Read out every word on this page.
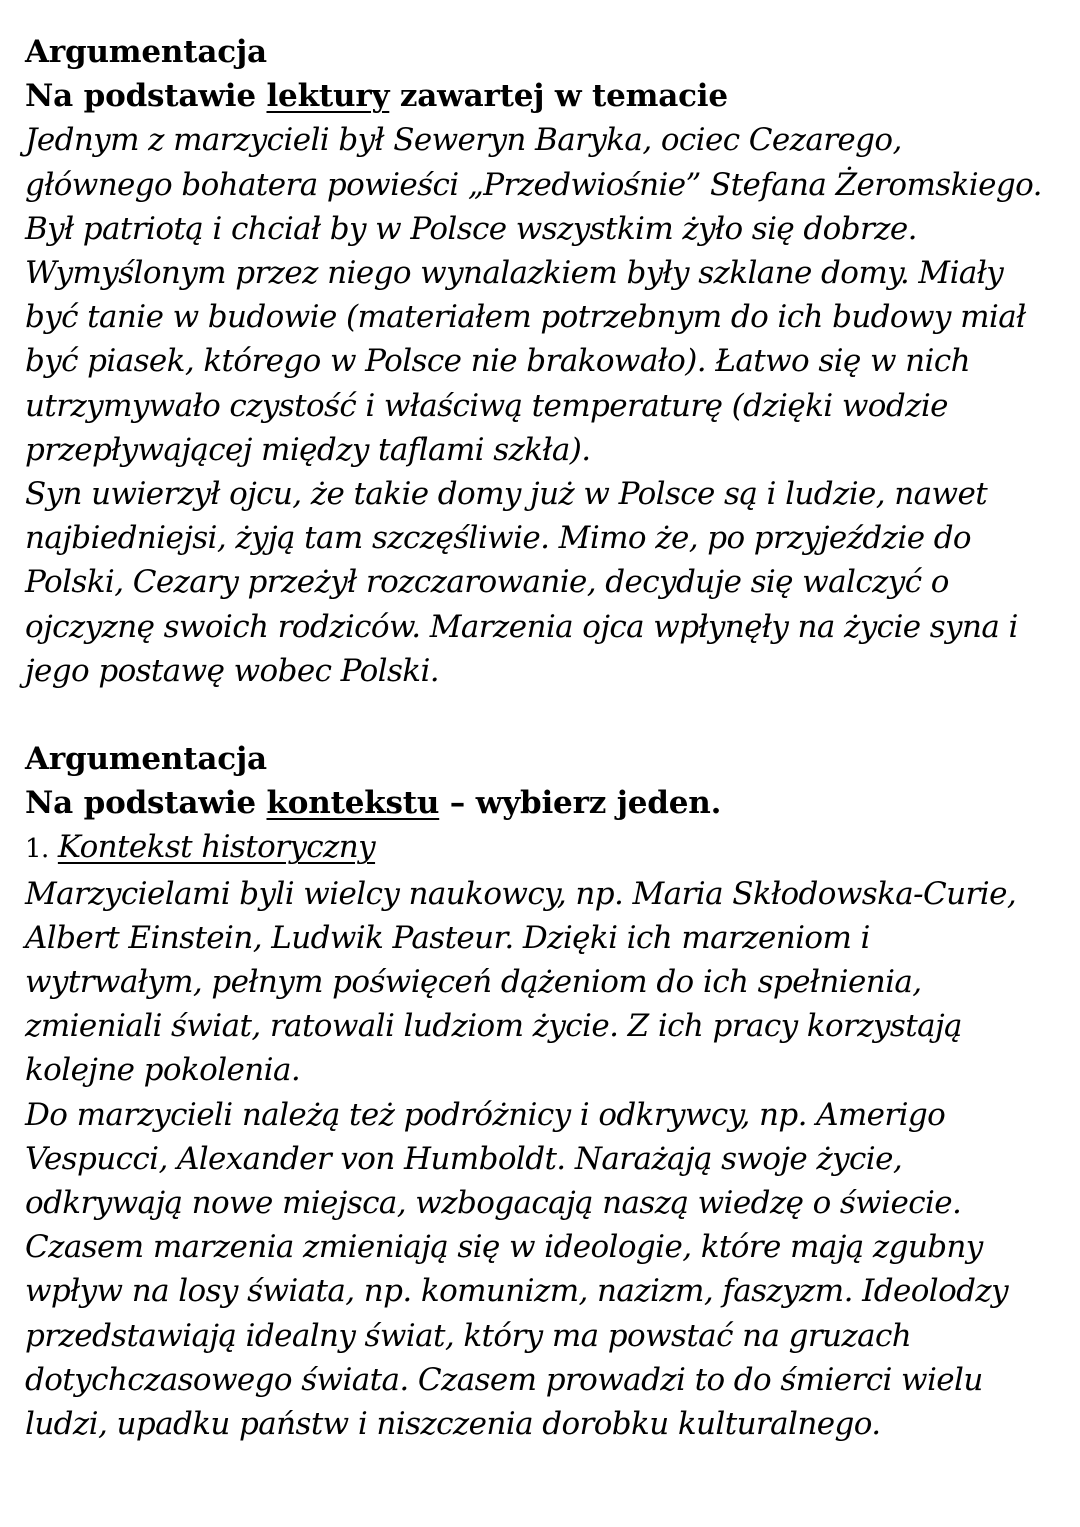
Argumentacja
Na podstawie lektury zawartej w temacie
Jednym z marzycieli był Seweryn Baryka, ociec Cezarego,
głównego bohatera powieści „Przedwiośnie” Stefana Żeromskiego.
Był patriotą i chciał by w Polsce wszystkim żyło się dobrze.
Wymyślonym przez niego wynalazkiem były szklane domy. Miały
być tanie w budowie (materiałem potrzebnym do ich budowy miał
być piasek, którego w Polsce nie brakowało). Łatwo się w nich
utrzymywało czystość i właściwą temperaturę (dzięki wodzie
przepływającej między taflami szkła).
Syn uwierzył ojcu, że takie domy już w Polsce są i ludzie, nawet
najbiedniejsi, żyją tam szczęśliwie. Mimo że, po przyjeździe do
Polski, Cezary przeżył rozczarowanie, decyduje się walczyć o
ojczyznę swoich rodziców. Marzenia ojca wpłynęły na życie syna i
jego postawę wobec Polski.
Argumentacja
Na podstawie kontekstu – wybierz jeden.
1. Kontekst historyczny
Marzycielami byli wielcy naukowcy, np. Maria Skłodowska-Curie,
Albert Einstein, Ludwik Pasteur. Dzięki ich marzeniom i
wytrwałym, pełnym poświęceń dążeniom do ich spełnienia,
zmieniali świat, ratowali ludziom życie. Z ich pracy korzystają
kolejne pokolenia.
Do marzycieli należą też podróżnicy i odkrywcy, np. Amerigo
Vespucci, Alexander von Humboldt. Narażają swoje życie,
odkrywają nowe miejsca, wzbogacają naszą wiedzę o świecie.
Czasem marzenia zmieniają się w ideologie, które mają zgubny
wpływ na losy świata, np. komunizm, nazizm, faszyzm. Ideolodzy
przedstawiają idealny świat, który ma powstać na gruzach
dotychczasowego świata. Czasem prowadzi to do śmierci wielu
ludzi, upadku państw i niszczenia dorobku kulturalnego.
